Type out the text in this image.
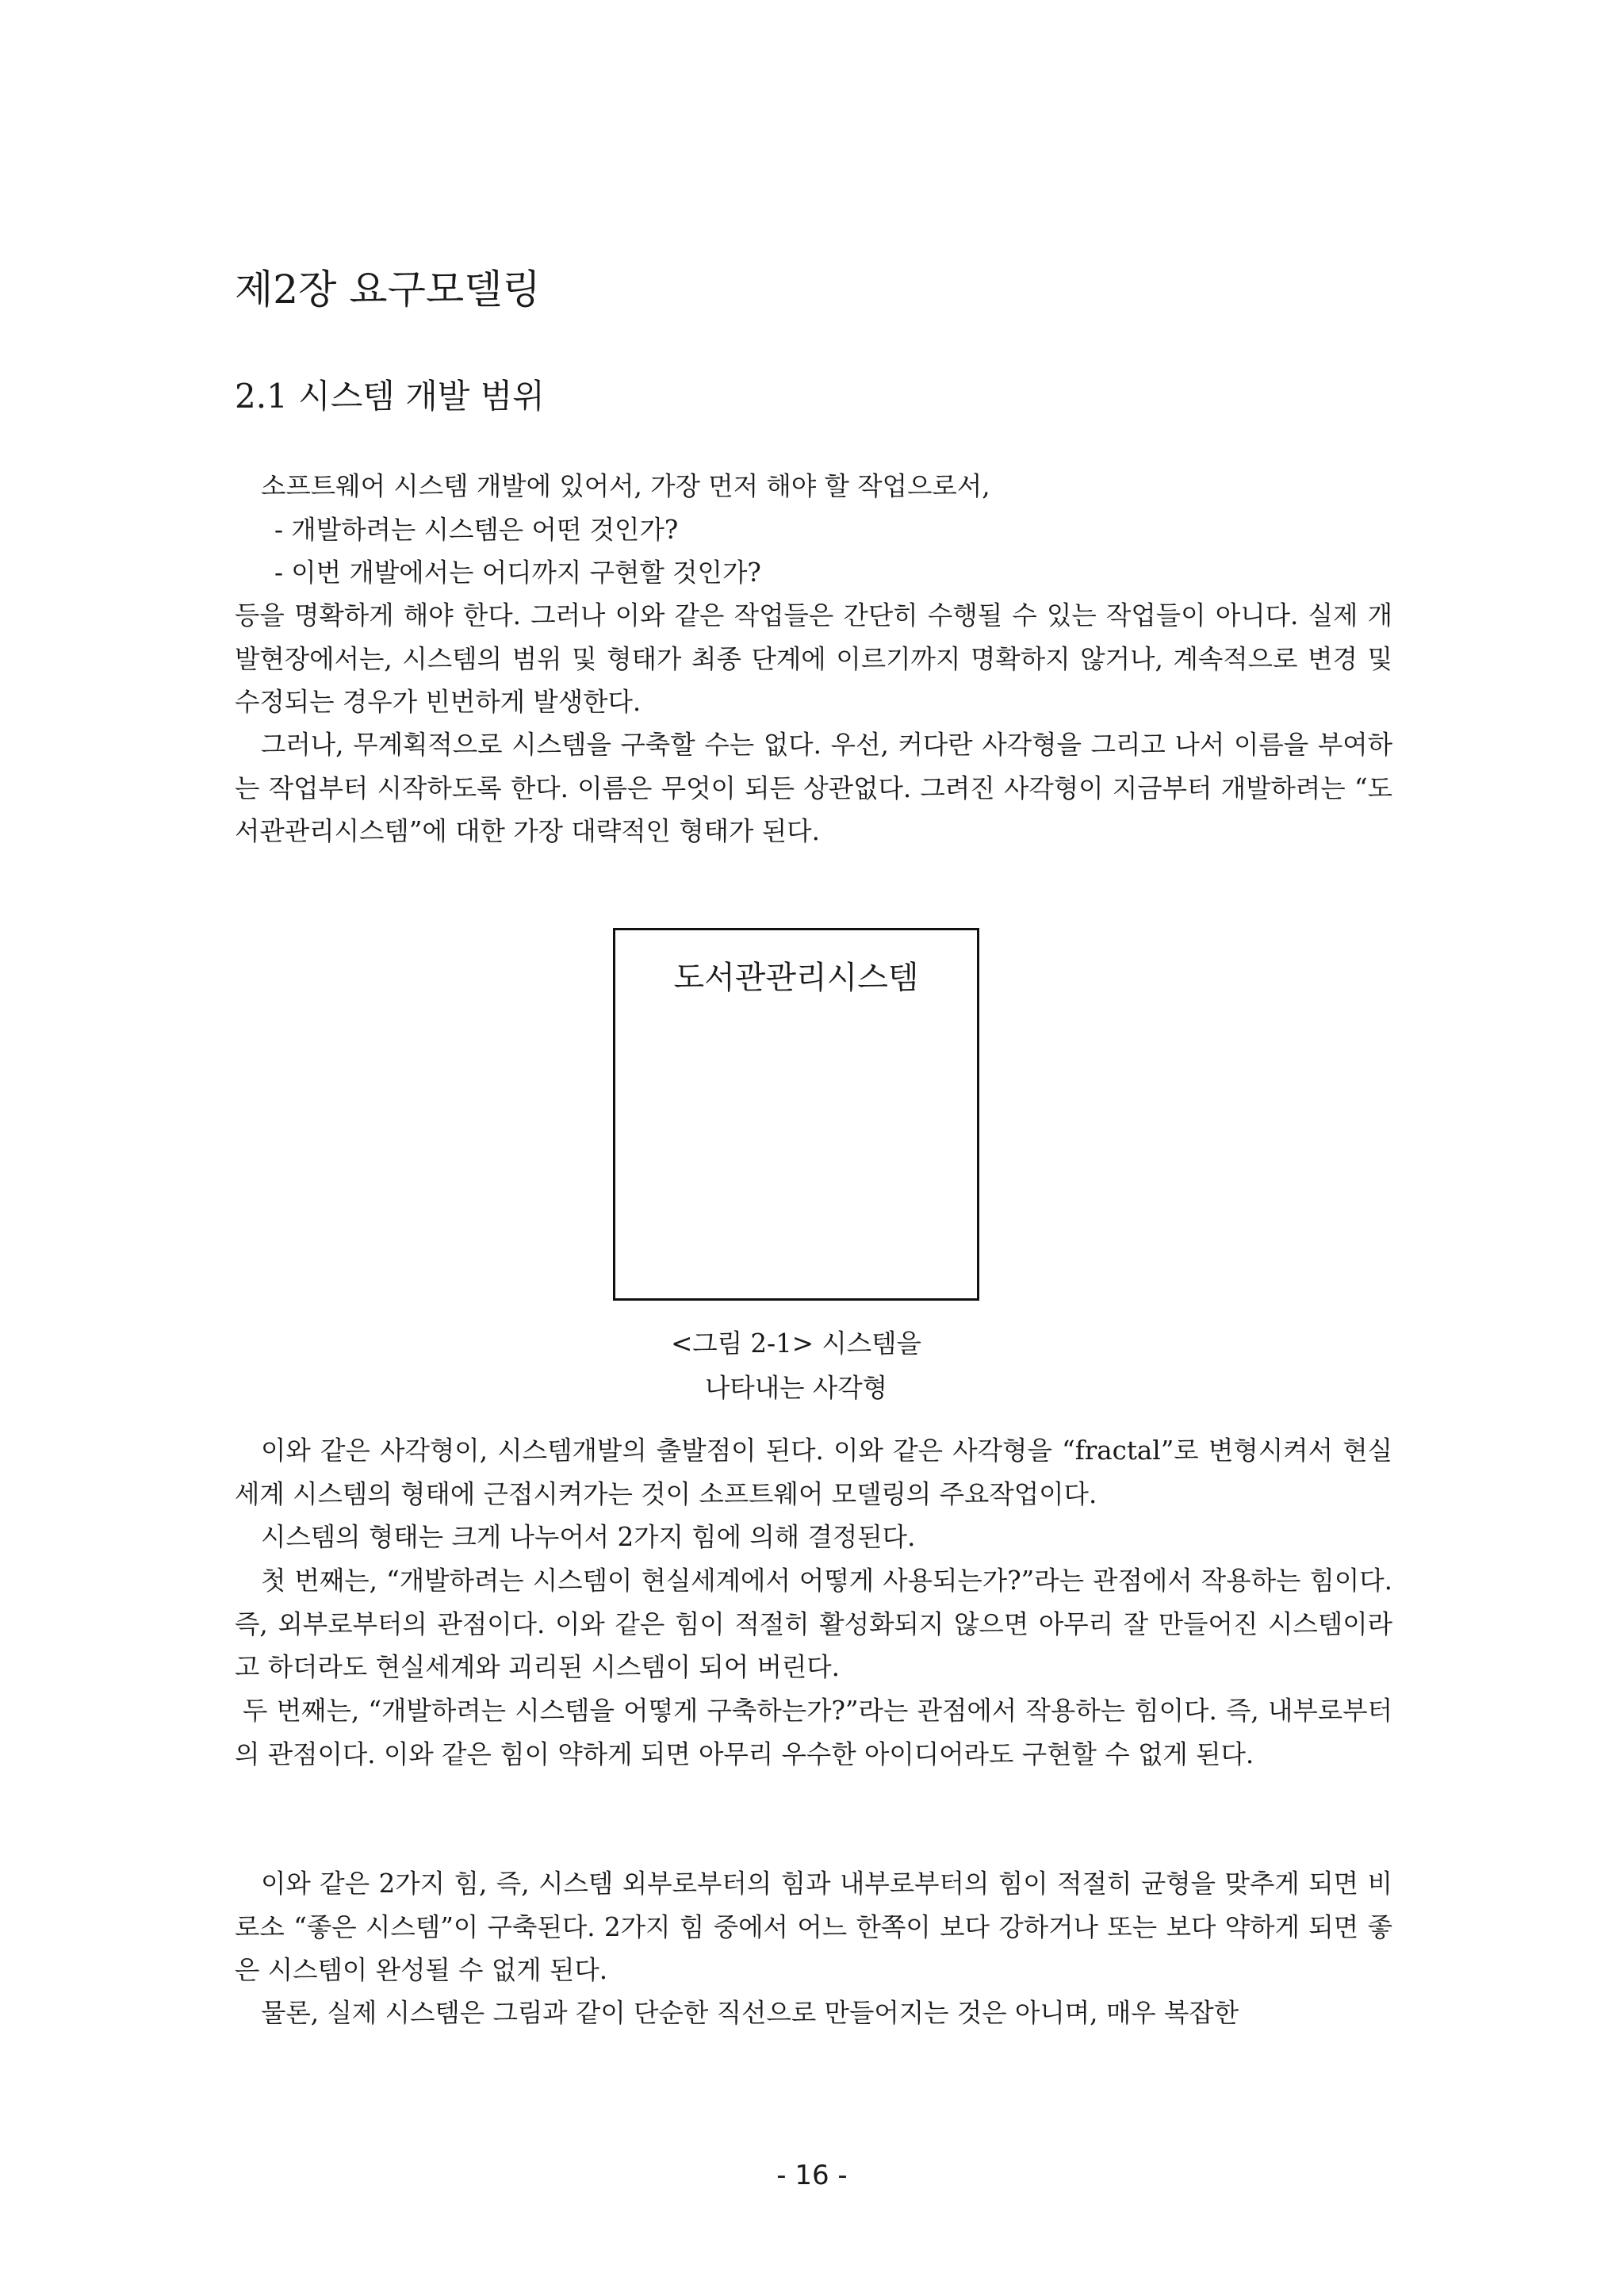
제2장 요구모델링
2.1 시스템 개발 범위
소프트웨어 시스템 개발에 있어서, 가장 먼저 해야 할 작업으로서,
- 개발하려는 시스템은 어떤 것인가?
- 이번 개발에서는 어디까지 구현할 것인가?

등을 명확하게 해야 한다. 그러나 이와 같은 작업들은 간단히 수행될 수 있는 작업들이 아니다. 실제 개발현장에서는, 시스템의 범위 및 형태가 최종 단계에 이르기까지 명확하지 않거나, 계속적으로 변경 및 수정되는 경우가 빈번하게 발생한다.

그러나, 무계획적으로 시스템을 구축할 수는 없다. 우선, 커다란 사각형을 그리고 나서 이름을 부여하는 작업부터 시작하도록 한다. 이름은 무엇이 되든 상관없다. 그려진 사각형이 지금부터 개발하려는 “도서관관리시스템”에 대한 가장 대략적인 형태가 된다.

도서관관리시스템
<그림 2-1> 시스템을
나타내는 사각형

이와 같은 사각형이, 시스템개발의 출발점이 된다. 이와 같은 사각형을 “fractal”로 변형시켜서 현실세계 시스템의 형태에 근접시켜가는 것이 소프트웨어 모델링의 주요작업이다.

시스템의 형태는 크게 나누어서 2가지 힘에 의해 결정된다.

첫 번째는, “개발하려는 시스템이 현실세계에서 어떻게 사용되는가?”라는 관점에서 작용하는 힘이다. 즉, 외부로부터의 관점이다. 이와 같은 힘이 적절히 활성화되지 않으면 아무리 잘 만들어진 시스템이라고 하더라도 현실세계와 괴리된 시스템이 되어 버린다.

두 번째는, “개발하려는 시스템을 어떻게 구축하는가?”라는 관점에서 작용하는 힘이다. 즉, 내부로부터의 관점이다. 이와 같은 힘이 약하게 되면 아무리 우수한 아이디어라도 구현할 수 없게 된다.

이와 같은 2가지 힘, 즉, 시스템 외부로부터의 힘과 내부로부터의 힘이 적절히 균형을 맞추게 되면 비로소 “좋은 시스템”이 구축된다. 2가지 힘 중에서 어느 한쪽이 보다 강하거나 또는 보다 약하게 되면 좋은 시스템이 완성될 수 없게 된다.

물론, 실제 시스템은 그림과 같이 단순한 직선으로 만들어지는 것은 아니며, 매우 복잡한

- 16 -
